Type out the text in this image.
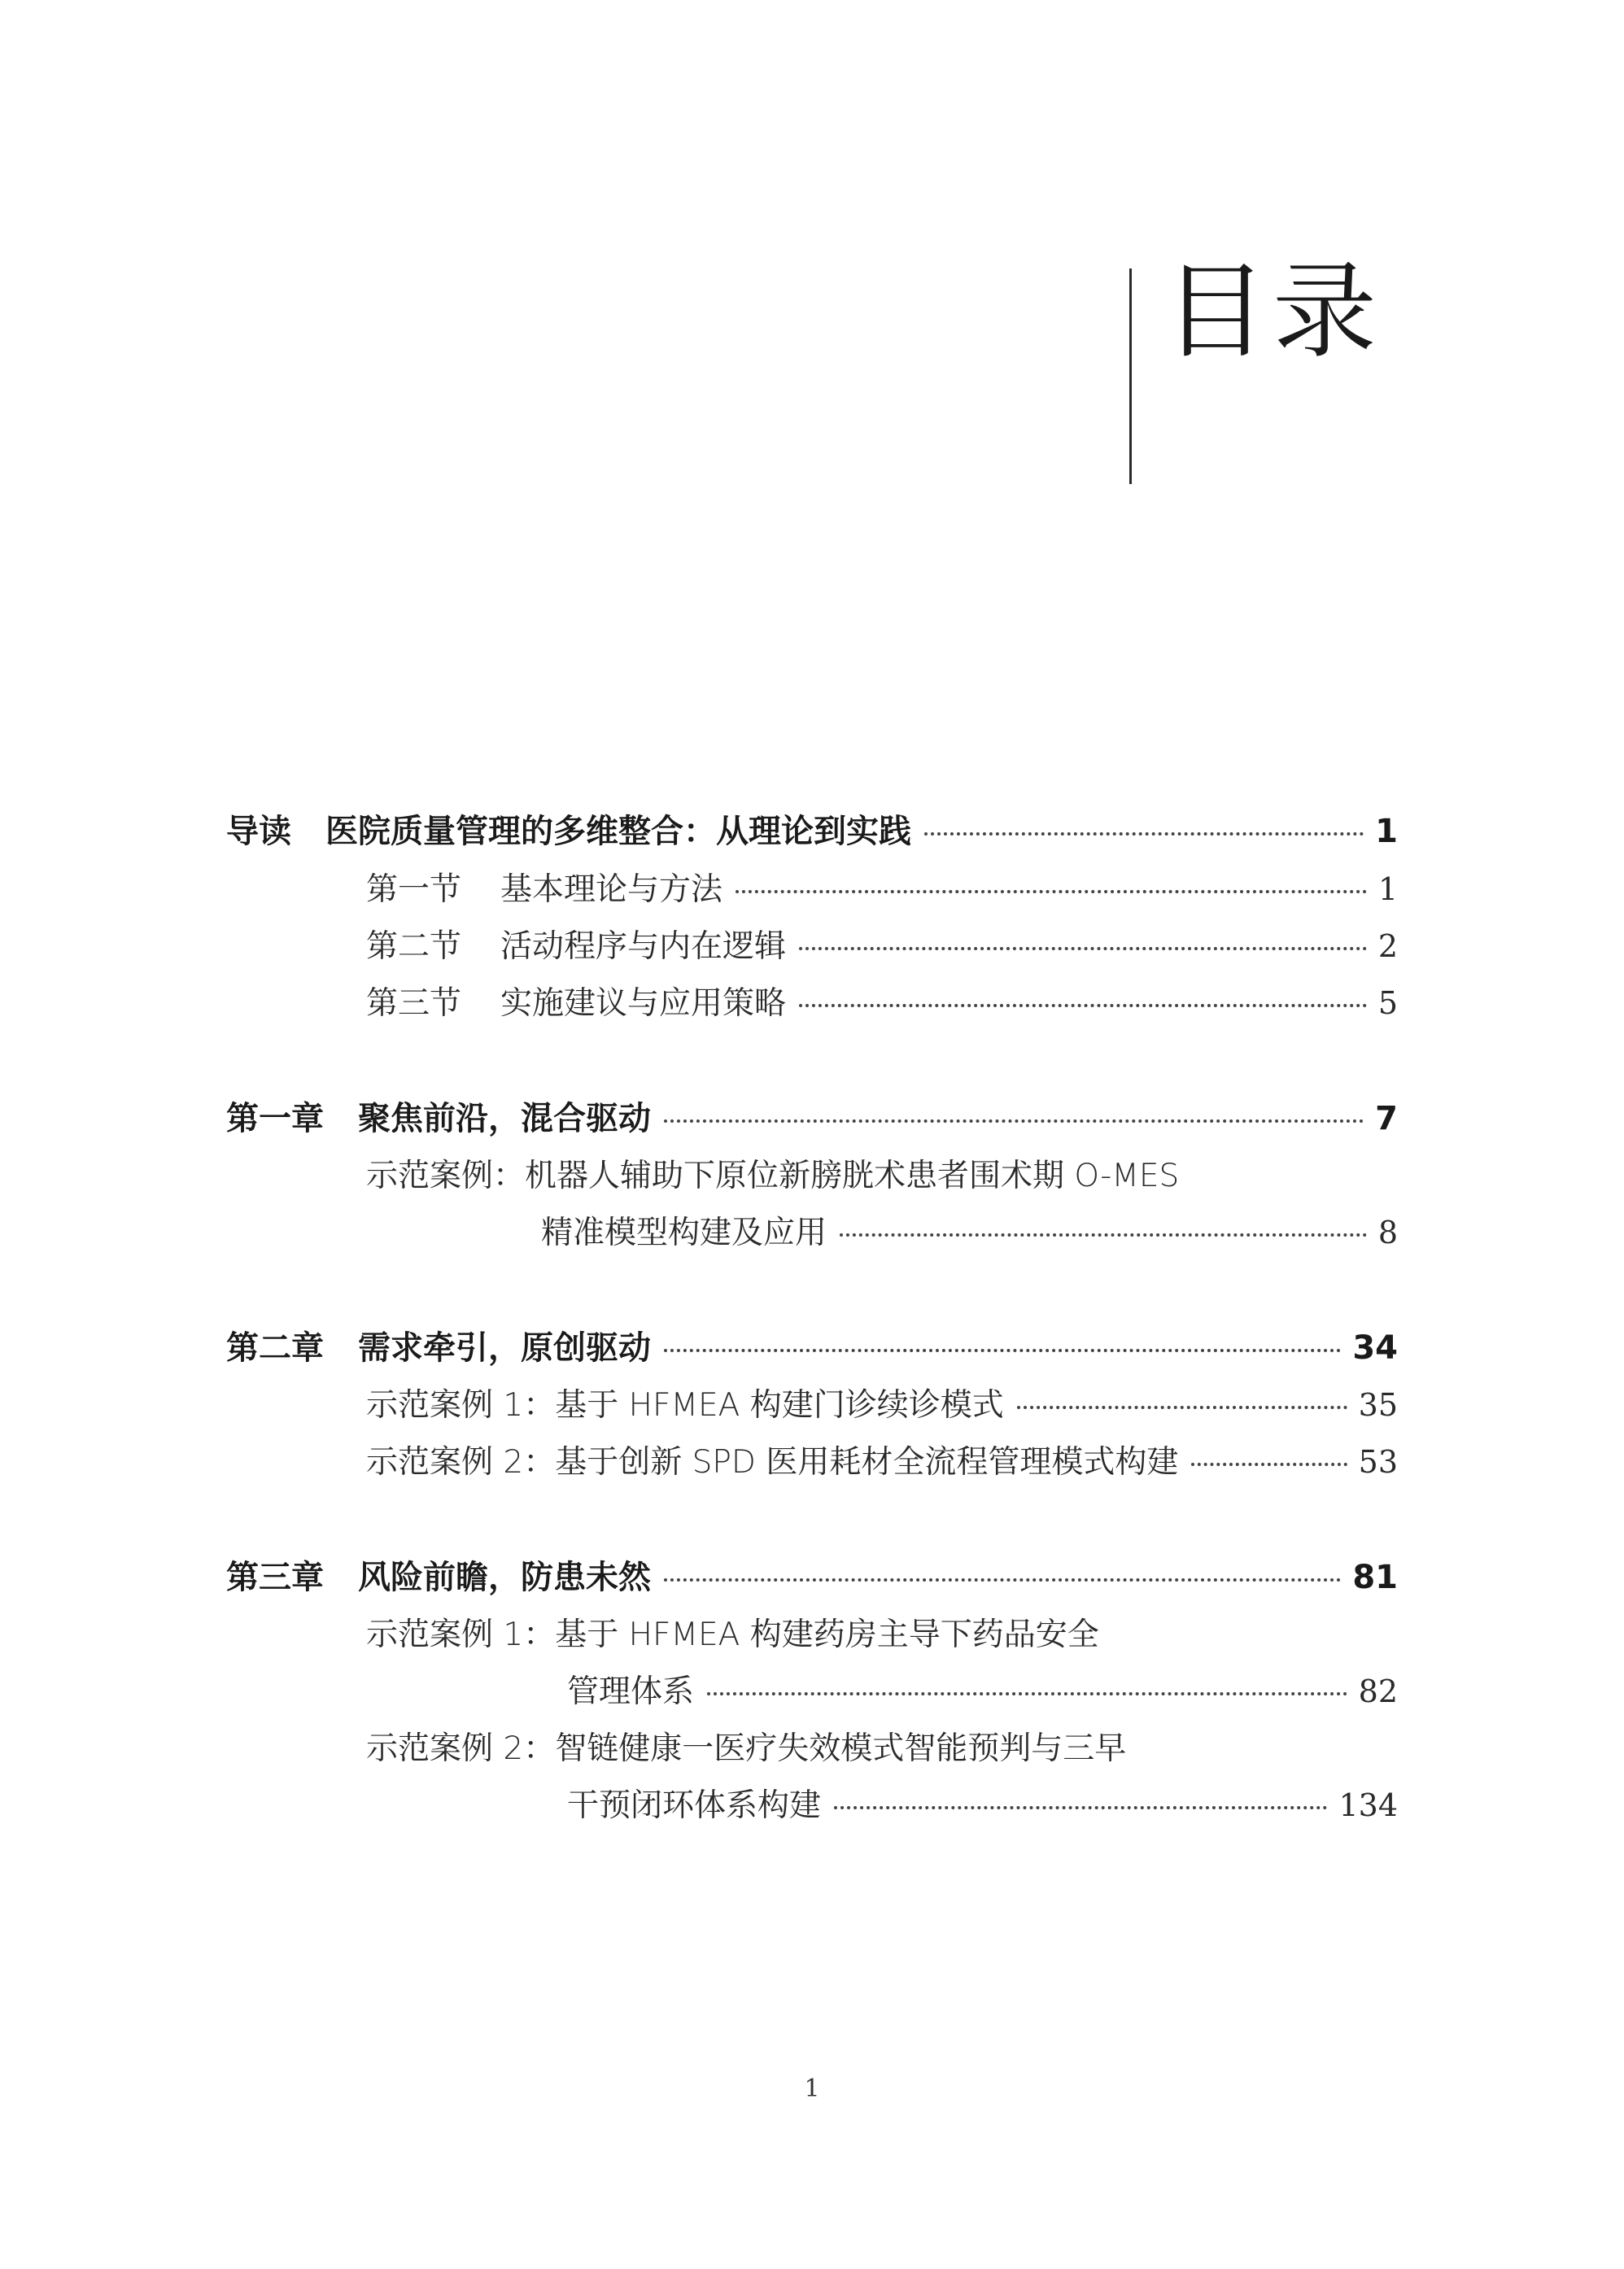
目录
导读 医院质量管理的多维整合：从理论到实践	1
第一节 基本理论与方法	1
第二节 活动程序与内在逻辑	2
第三节 实施建议与应用策略	5
第一章 聚焦前沿，混合驱动	7
示范案例： 机器人辅助下原位新膀胱术患者围术期 O-MES
精准模型构建及应用	8
第二章 需求牵引，原创驱动	34
示范案例 1： 基于 HFMEA 构建门诊续诊模式	35
示范案例 2： 基于创新 SPD 医用耗材全流程管理模式构建	53
第三章 风险前瞻，防患未然	81
示范案例 1： 基于 HFMEA 构建药房主导下药品安全
管理体系	82
示范案例 2： 智链健康一医疗失效模式智能预判与三早
干预闭环体系构建	134
1
